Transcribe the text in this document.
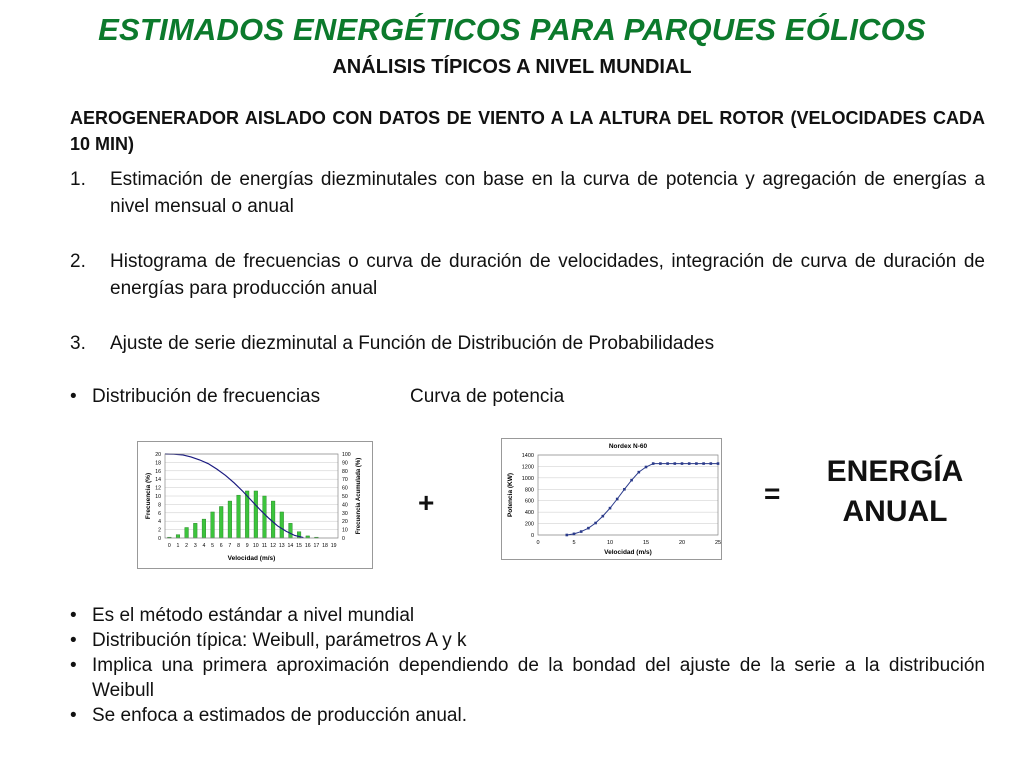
ESTIMADOS ENERGÉTICOS PARA PARQUES EÓLICOS
ANÁLISIS TÍPICOS A NIVEL MUNDIAL
AEROGENERADOR AISLADO CON DATOS DE VIENTO A LA ALTURA DEL ROTOR (VELOCIDADES CADA 10 MIN)
1. Estimación de energías diezminutales con base en la curva de potencia y agregación de energías a nivel mensual o anual
2. Histograma de frecuencias o curva de duración de velocidades, integración de curva de duración de energías para producción anual
3. Ajuste de serie diezminutal a Función de Distribución de Probabilidades
• Distribución de frecuencias	Curva de potencia
0
2
4
6
8
10
12
14
16
18
20
0
10
20
30
40
50
60
70
80
90
100
0 1 2 3 4 5 6 7 8 9 10 11 12 13 14 15 16 17 18 19
Velocidad (m/s)
Frecuencia (%)	Frecuencia Acumulada (%) +
Nordex N-60
0
200
400
600
800
1000
1200
1400
0	5	10	15	20	25
Velocidad (m/s)
Potencia (KW)	=
ENERGÍA
ANUAL
• Es el método estándar a nivel mundial
• Distribución típica: Weibull, parámetros A y k
• Implica una primera aproximación dependiendo de la bondad del ajuste de la serie a la distribución Weibull
• Se enfoca a estimados de producción anual.
